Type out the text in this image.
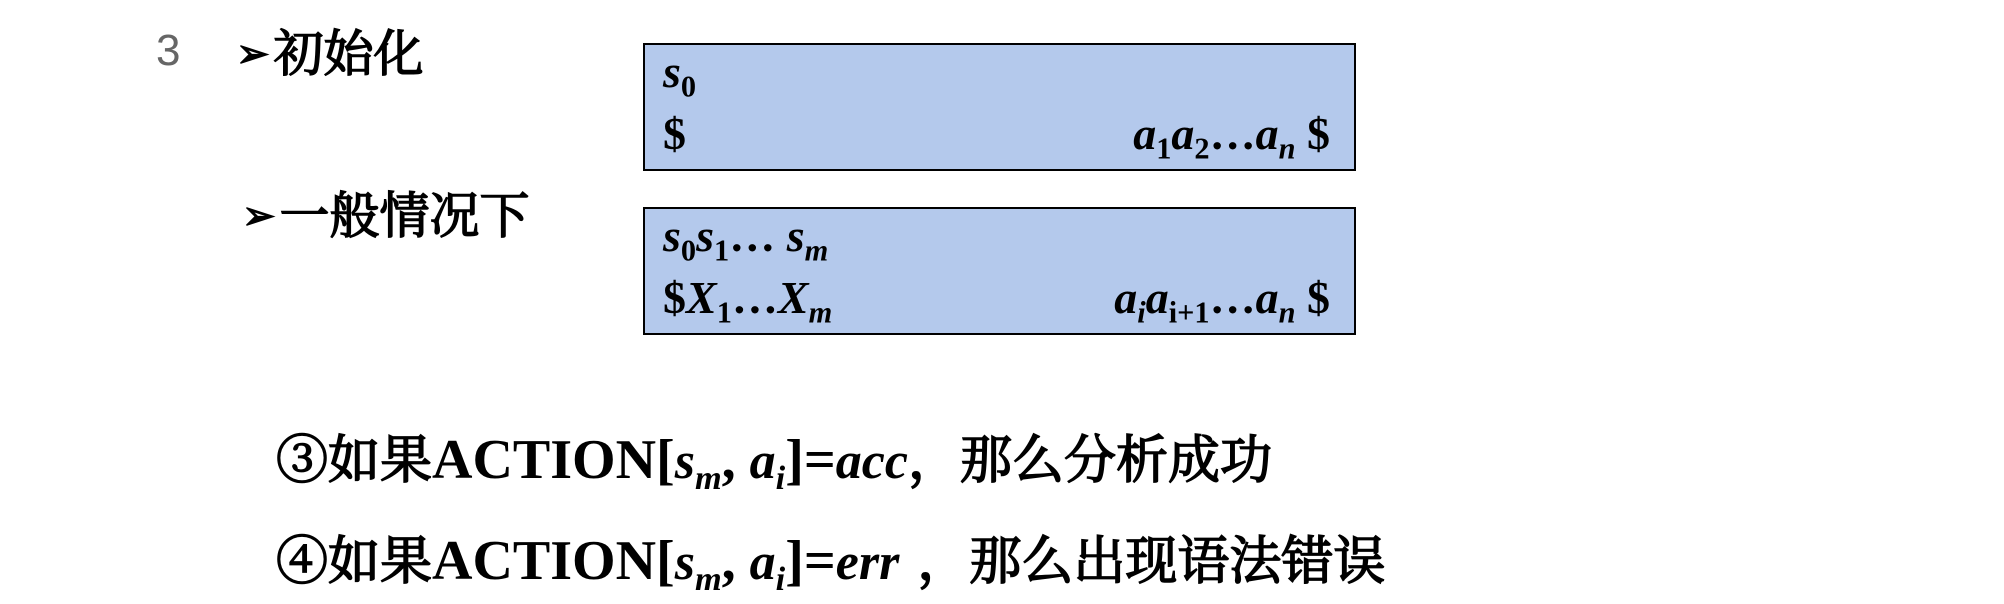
3 ➢初始化	$s_0$
$	$a_1a_2\dots a_n$ $
➢一般情况下	$s_0s_1\dots$ $s_m$
$\$X_1\dots X_m$	$a_ia_{i+1}\dots a_n$ $
③如果$ACTION[s_m$, $a_i]=acc$，那么分析成功
④如果$ACTION[s_m$, $a_i]=err$ ，那么出现语法错误
